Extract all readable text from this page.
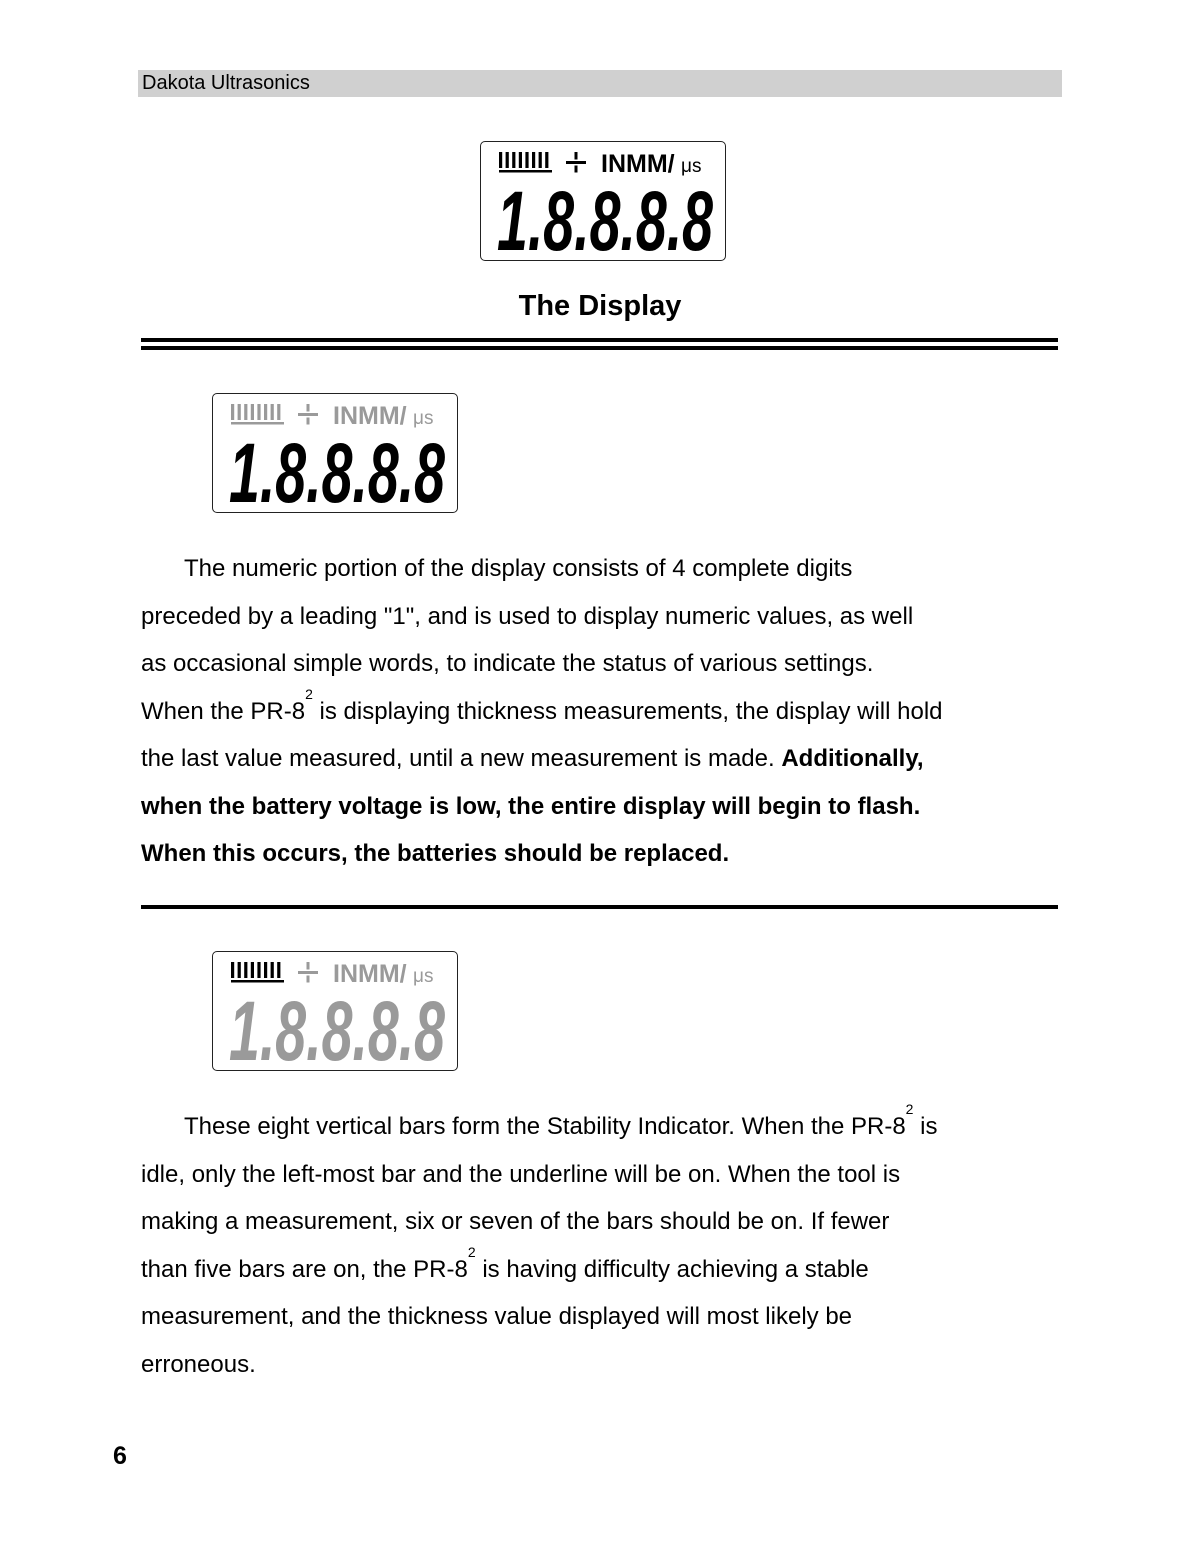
Dakota Ultrasonics
INMM/ μs
1.8.8.8.8
The Display
INMM/ μs
1.8.8.8.8
The numeric portion of the display consists of 4 complete digits
preceded by a leading "1", and is used to display numeric values, as well
as occasional simple words, to indicate the status of various settings.
When the $PR-8^2$ is displaying thickness measurements, the display will hold
the last value measured, until a new measurement is made. Additionally,
when the battery voltage is low, the entire display will begin to flash.
When this occurs, the batteries should be replaced.
INMM/ μs
1.8.8.8.8
These eight vertical bars form the Stability Indicator. When the $PR-8^2$ is
idle, only the left-most bar and the underline will be on. When the tool is
making a measurement, six or seven of the bars should be on. If fewer
than five bars are on, the $PR-8^2$ is having difficulty achieving a stable
measurement, and the thickness value displayed will most likely be
erroneous.
6
